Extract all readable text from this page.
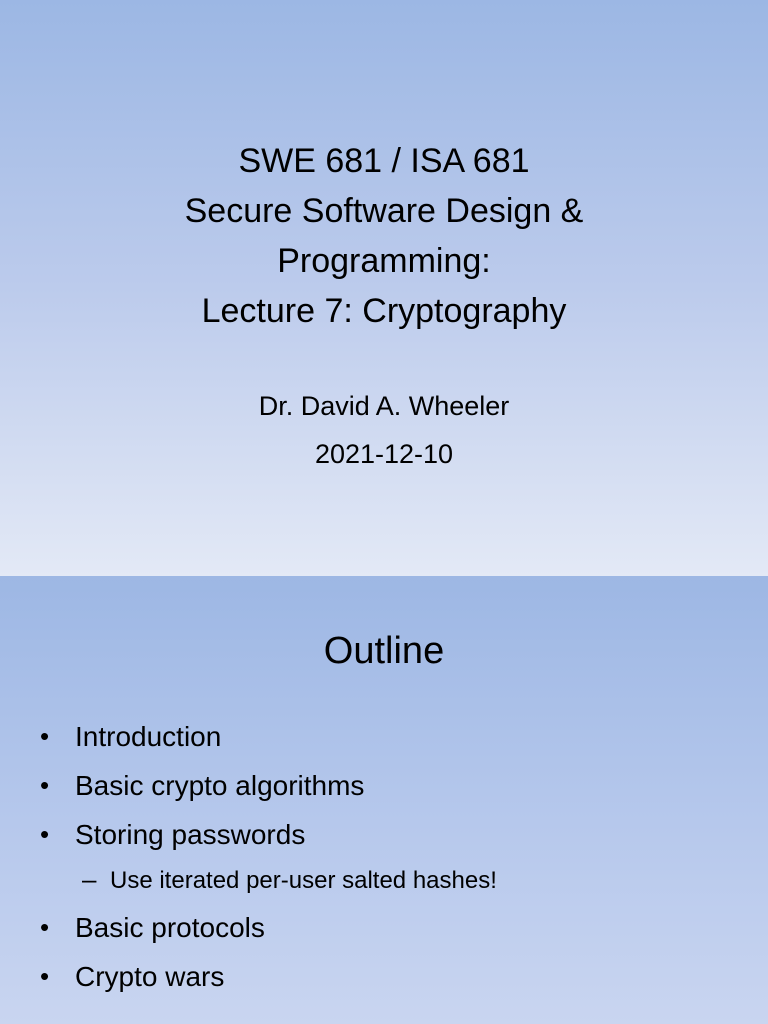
SWE 681 / ISA 681
Secure Software Design &
Programming:
Lecture 7: Cryptography
Dr. David A. Wheeler
2021-12-10
Outline
• Introduction
• Basic crypto algorithms
• Storing passwords
– Use iterated per-user salted hashes!
• Basic protocols
• Crypto wars
